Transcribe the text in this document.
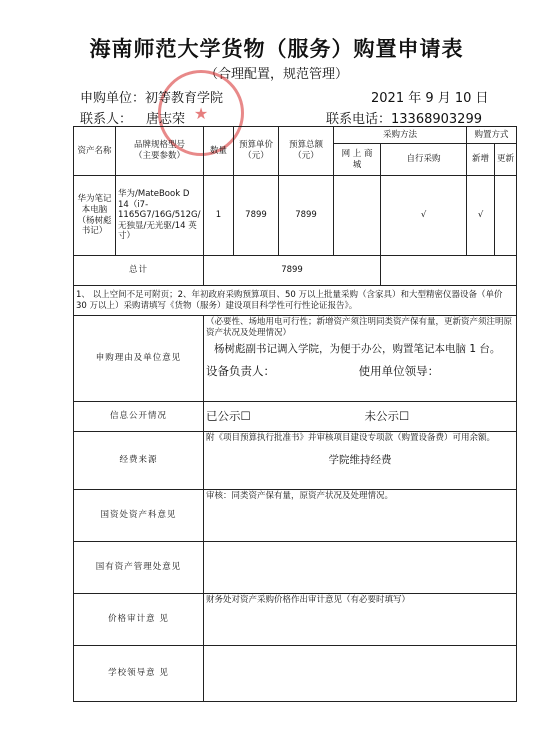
海南师范大学货物（服务）购置申请表
（合理配置，规范管理）
★
申购单位：初等教育学院	2021 年 9 月 10 日
联系人： 唐志荣	联系电话：13368903299
资产名称	品牌规格型号
（主要参数）	数量	预算单价（元）	预算总额（元）	采购方法		购置方式	
					网 上 商 城	自行采购	新增	更新
华为笔记本电脑（杨树彪书记）	华为/MateBook D 14（i7-1165G7/16G/512G/无独显/无光驱/14 英寸）	1	7899	7899		√	√	
总计		7899						
1、 以上空间不足可附页；2、年初政府采购预算项目、50 万以上批量采购（含家具）和大型精密仪器设备（单价 30 万以上）采购请填写《货物（服务）建设项目科学性可行性论证报告》。								
申购理由及单位意见		（必要性、场地用电可行性；新增资产须注明同类资产保有量，更新资产须注明原资产状况及处理情况）
杨树彪副书记调入学院，为便于办公，购置笔记本电脑 1 台。
设备负责人： 使用单位领导：						

信息公开情况		已公示☐ 未公示☐						
经费来源		附《项目预算执行批准书》并审核项目建设专项款（购置设备费）可用余额。
学院维持经费						

国资处资产科意见		审核：同类资产保有量，原资产状况及处理情况。						
国有资产管理处意见								
价格审计意 见		财务处对资产采购价格作出审计意见（有必要时填写）						
学校领导意 见								
